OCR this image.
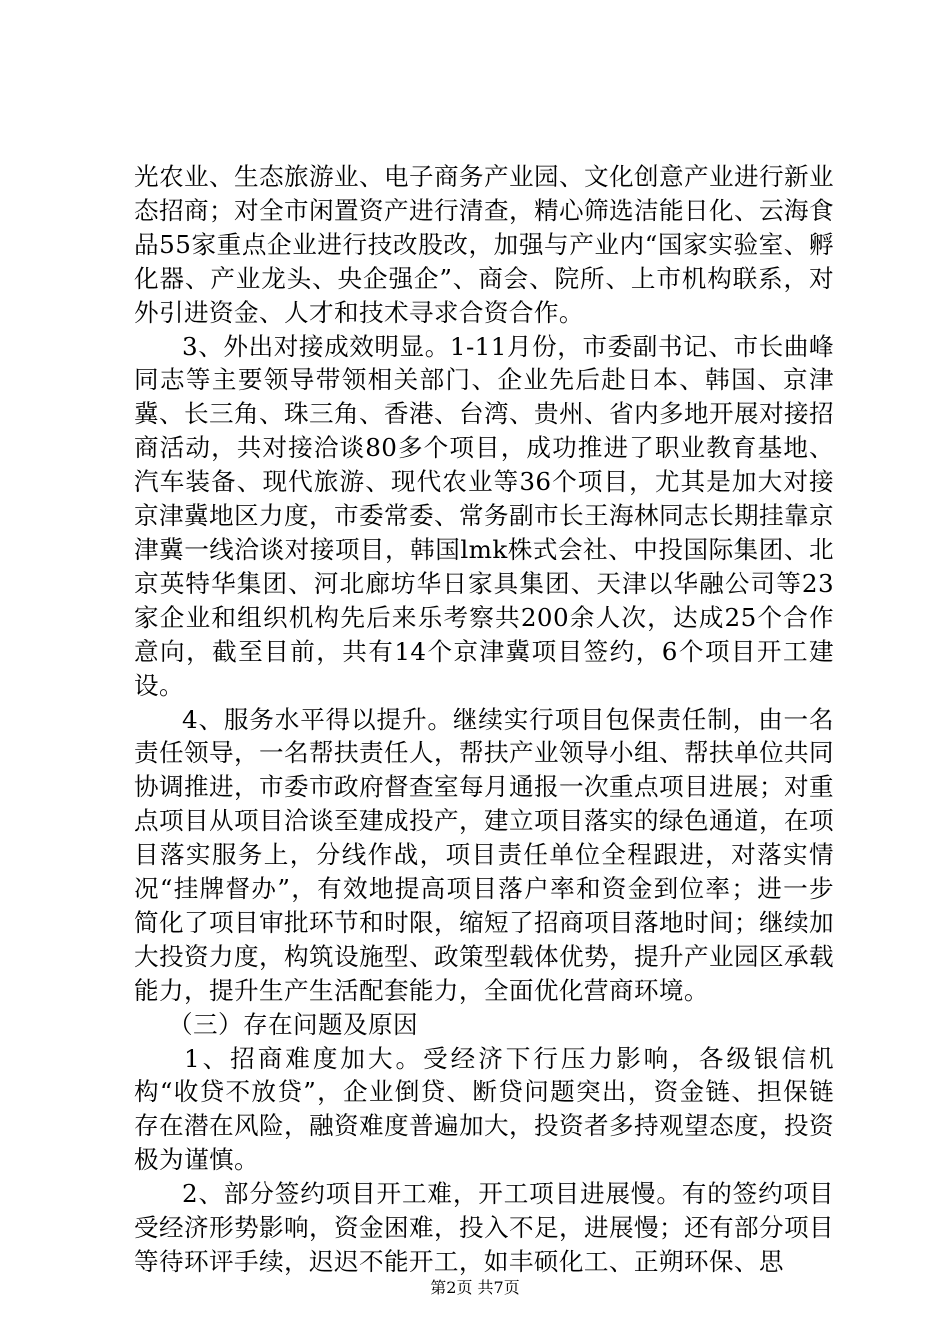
光农业、生态旅游业、电子商务产业园、文化创意产业进行新业态招商；对全市闲置资产进行清查，精心筛选洁能日化、云海食品55家重点企业进行技改股改，加强与产业内“国家实验室、孵化器、产业龙头、央企强企”、商会、院所、上市机构联系，对外引进资金、人才和技术寻求合资合作。

3、外出对接成效明显。1-11月份，市委副书记、市长曲峰同志等主要领导带领相关部门、企业先后赴日本、韩国、京津冀、长三角、珠三角、香港、台湾、贵州、省内多地开展对接招商活动，共对接洽谈80多个项目，成功推进了职业教育基地、汽车装备、现代旅游、现代农业等36个项目，尤其是加大对接京津冀地区力度，市委常委、常务副市长王海林同志长期挂靠京津冀一线洽谈对接项目，韩国lmk株式会社、中投国际集团、北京英特华集团、河北廊坊华日家具集团、天津以华融公司等23家企业和组织机构先后来乐考察共200余人次，达成25个合作意向，截至目前，共有14个京津冀项目签约，6个项目开工建设。

4、服务水平得以提升。继续实行项目包保责任制，由一名责任领导，一名帮扶责任人，帮扶产业领导小组、帮扶单位共同协调推进，市委市政府督查室每月通报一次重点项目进展；对重点项目从项目洽谈至建成投产，建立项目落实的绿色通道，在项目落实服务上，分线作战，项目责任单位全程跟进，对落实情况“挂牌督办”，有效地提高项目落户率和资金到位率；进一步简化了项目审批环节和时限，缩短了招商项目落地时间；继续加大投资力度，构筑设施型、政策型载体优势，提升产业园区承载能力，提升生产生活配套能力，全面优化营商环境。

（三）存在问题及原因

1、招商难度加大。受经济下行压力影响，各级银信机构“收贷不放贷”，企业倒贷、断贷问题突出，资金链、担保链存在潜在风险，融资难度普遍加大，投资者多持观望态度，投资极为谨慎。

2、部分签约项目开工难，开工项目进展慢。有的签约项目受经济形势影响，资金困难，投入不足，进展慢；还有部分项目等待环评手续，迟迟不能开工，如丰硕化工、正朔环保、思

第2页 共7页
